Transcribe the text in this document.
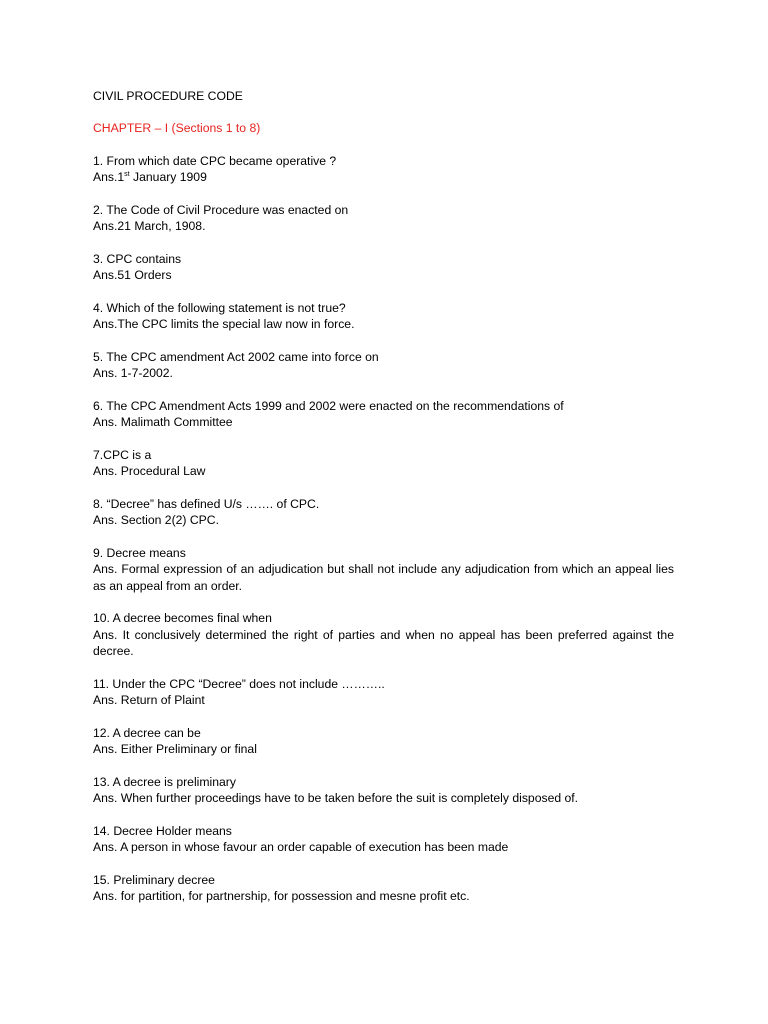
CIVIL PROCEDURE CODE

CHAPTER – I (Sections 1 to 8)

1. From which date CPC became operative ?

Ans.1st January 1909

2. The Code of Civil Procedure was enacted on

Ans.21 March, 1908.

3. CPC contains

Ans.51 Orders

4. Which of the following statement is not true?

Ans.The CPC limits the special law now in force.

5. The CPC amendment Act 2002 came into force on

Ans. 1-7-2002.

6. The CPC Amendment Acts 1999 and 2002 were enacted on the recommendations of

Ans. Malimath Committee

7.CPC is a

Ans. Procedural Law

8. “Decree” has defined U/s ……. of CPC.

Ans. Section 2(2) CPC.

9. Decree means

Ans. Formal expression of an adjudication but shall not include any adjudication from which an appeal lies as an appeal from an order.

10. A decree becomes final when

Ans. It conclusively determined the right of parties and when no appeal has been preferred against the decree.

11. Under the CPC “Decree” does not include ………..

Ans. Return of Plaint

12. A decree can be

Ans. Either Preliminary or final

13. A decree is preliminary

Ans. When further proceedings have to be taken before the suit is completely disposed of.

14. Decree Holder means

Ans. A person in whose favour an order capable of execution has been made

15. Preliminary decree

Ans. for partition, for partnership, for possession and mesne profit etc.
